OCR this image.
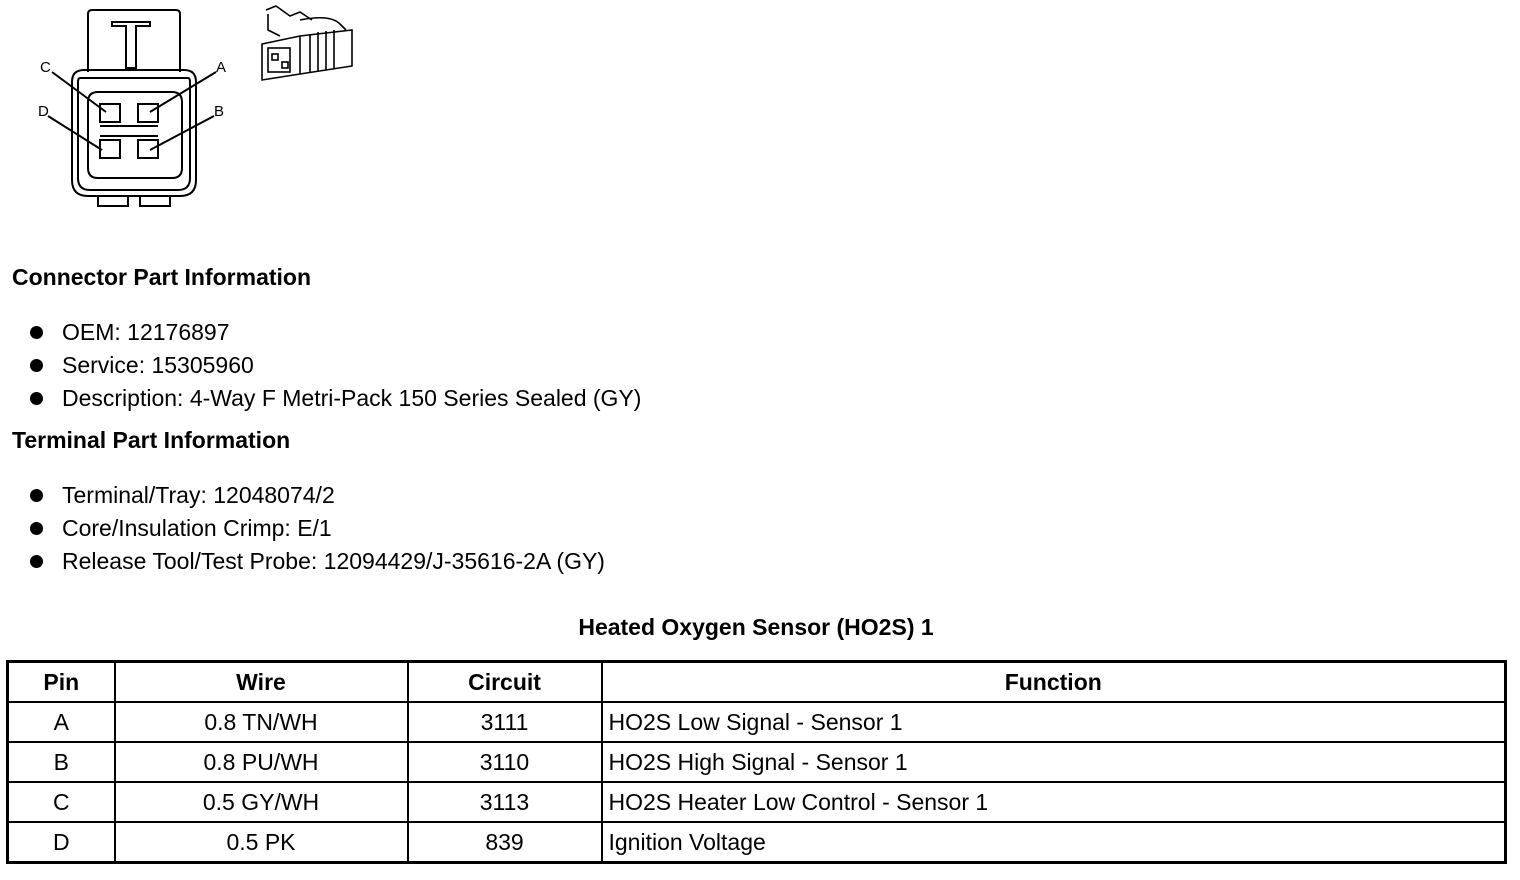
C	A
D	B
Connector Part Information
OEM: 12176897
Service: 15305960
Description: 4-Way F Metri-Pack 150 Series Sealed (GY)
Terminal Part Information
Terminal/Tray: 12048074/2
Core/Insulation Crimp: E/1
Release Tool/Test Probe: 12094429/J-35616-2A (GY)
Heated Oxygen Sensor (HO2S) 1
Pin	Wire	Circuit	Function
A	0.8 TN/WH	3111	HO2S Low Signal - Sensor 1
B	0.8 PU/WH	3110	HO2S High Signal - Sensor 1
C	0.5 GY/WH	3113	HO2S Heater Low Control - Sensor 1
D	0.5 PK	839	Ignition Voltage
